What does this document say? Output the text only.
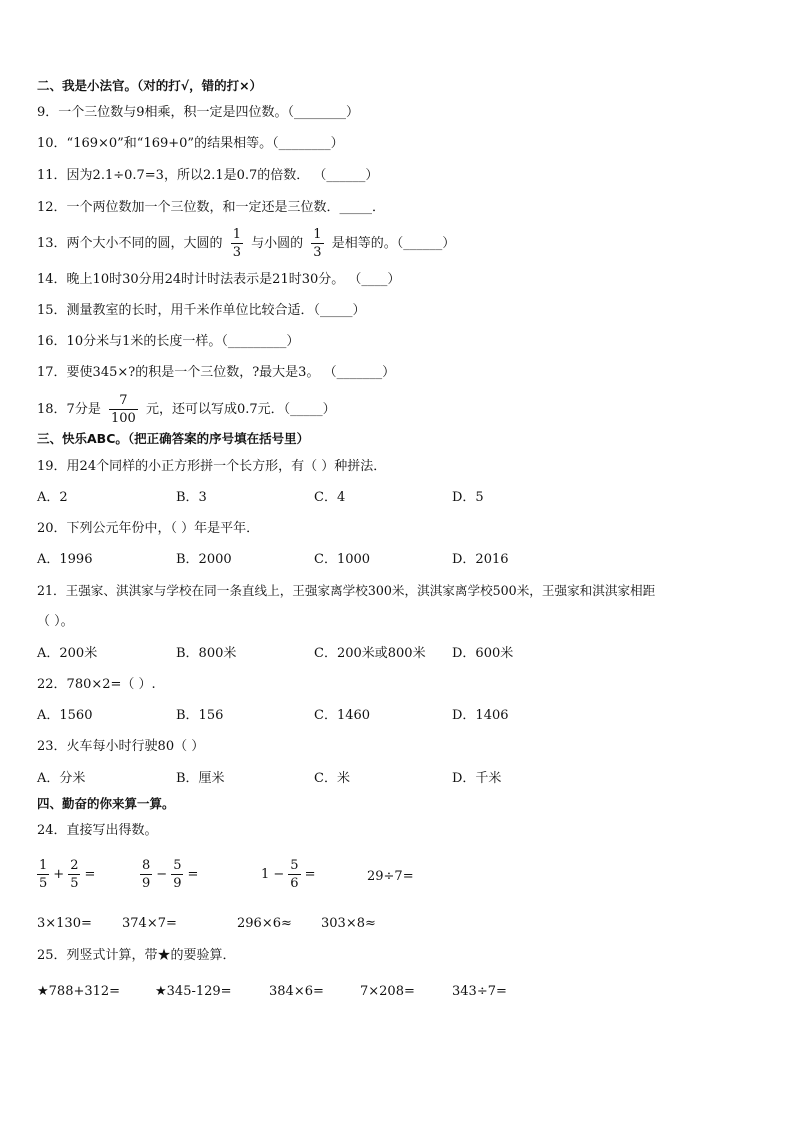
二、我是小法官。（对的打√，错的打×）
9．一个三位数与9相乘，积一定是四位数。（________）
10．“169×0”和“169+0”的结果相等。（________）
11．因为2.1÷0.7=3，所以2.1是0.7的倍数． （______）
12．一个两位数加一个三位数，和一定还是三位数．_____．
13．两个大小不同的圆，大圆的 $\frac{1}{3}$ 与小圆的 $\frac{1}{3}$ 是相等的。（______）
14．晚上10时30分用24时计时法表示是21时30分。 （____）
15．测量教室的长时，用千米作单位比较合适．（_____）
16．10分米与1米的长度一样。（_________）
17．要使345×?的积是一个三位数，?最大是3。 （_______）
18．7分是 $\frac{7}{100}$ 元，还可以写成0.7元．（_____）
三、快乐ABC。（把正确答案的序号填在括号里）
19．用24个同样的小正方形拼一个长方形，有（ ）种拼法．
A．2	B．3	C．4	D．5
20．下列公元年份中，（ ）年是平年．
A．1996	B．2000	C．1000	D．2016
21．王强家、淇淇家与学校在同一条直线上，王强家离学校300米，淇淇家离学校500米，王强家和淇淇家相距
（ ）。
A．200米	B．800米	C．200米或800米 D．600米
22．780×2=（ ）.
A．1560	B．156	C．1460	D．1406
23．火车每小时行驶80（ ）
A．分米	B．厘米	C．米	D．千米
四、勤奋的你来算一算。
24．直接写出得数。
$\frac{1}{5} + \frac{2}{5}$ =	$\frac{8}{9} - \frac{5}{9}$ =	$1 - \frac{5}{6}$ =	29÷7=
3×130= 374×7=	296×6≈ 303×8≈
25．列竖式计算，带★的要验算．
★788+312=	★345-129=	384×6=	7×208=	343÷7=
